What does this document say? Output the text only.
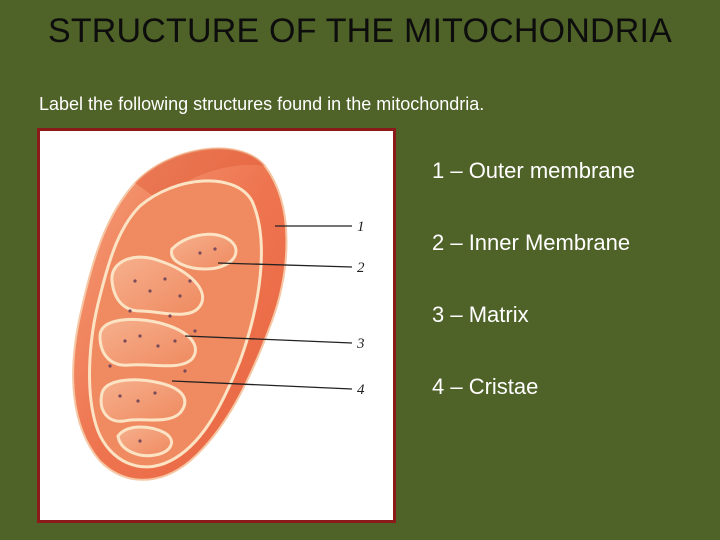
STRUCTURE OF THE MITOCHONDRIA
Label the following structures found in the mitochondria.
1
2
3
4
1 – Outer membrane
2 – Inner Membrane
3 – Matrix
4 – Cristae
